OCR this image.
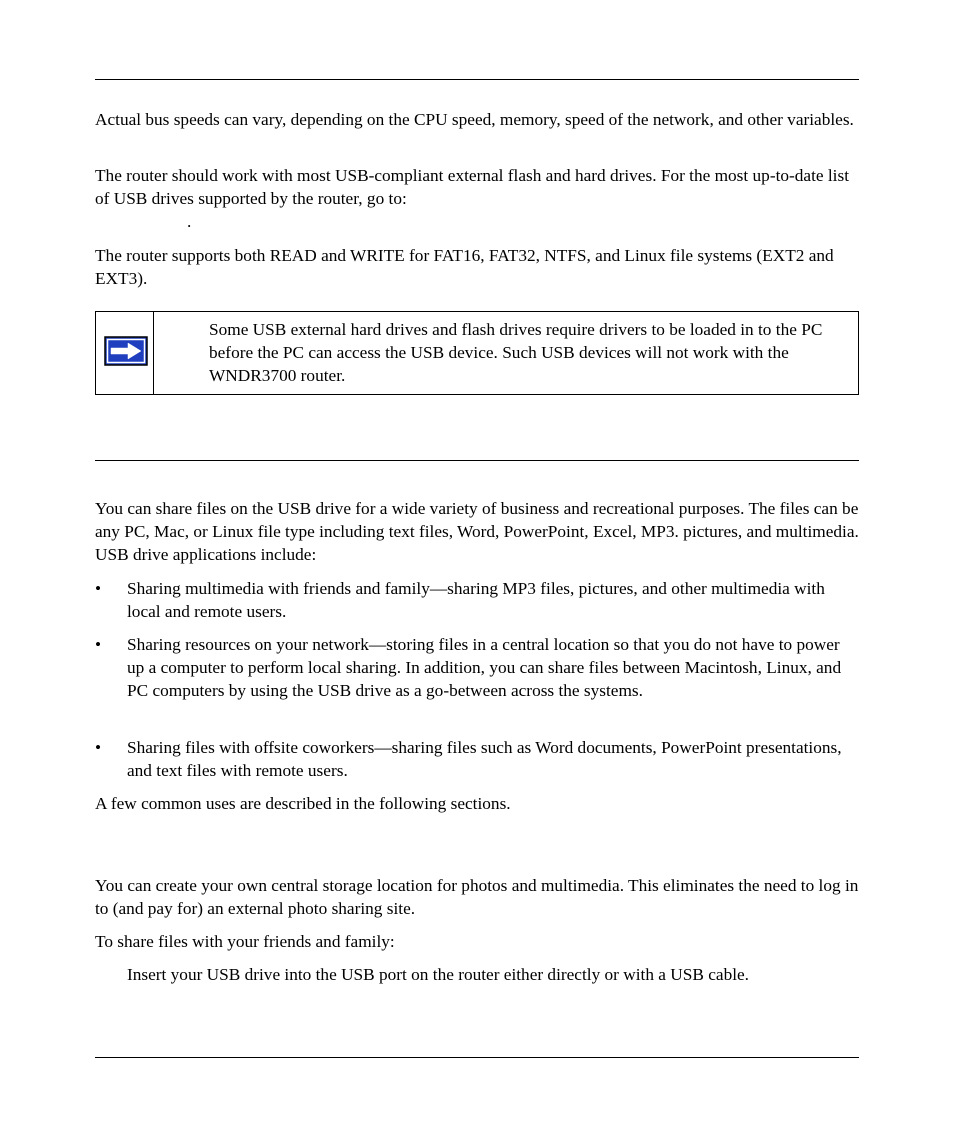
Actual bus speeds can vary, depending on the CPU speed, memory, speed of the network, and other variables.

The router should work with most USB-compliant external flash and hard drives. For the most up-to-date list of USB drives supported by the router, go to:

.

The router supports both READ and WRITE for FAT16, FAT32, NTFS, and Linux file systems (EXT2 and EXT3).

Some USB external hard drives and flash drives require drivers to be loaded in to the PC before the PC can access the USB device. Such USB devices will not work with the WNDR3700 router.

You can share files on the USB drive for a wide variety of business and recreational purposes. The files can be any PC, Mac, or Linux file type including text files, Word, PowerPoint, Excel, MP3. pictures, and multimedia. USB drive applications include:

•	Sharing multimedia with friends and family—sharing MP3 files, pictures, and other multimedia with local and remote users.
•	Sharing resources on your network—storing files in a central location so that you do not have to power up a computer to perform local sharing. In addition, you can share files between Macintosh, Linux, and PC computers by using the USB drive as a go-between across the systems.
•	Sharing files with offsite coworkers—sharing files such as Word documents, PowerPoint presentations, and text files with remote users.

A few common uses are described in the following sections.

You can create your own central storage location for photos and multimedia. This eliminates the need to log in to (and pay for) an external photo sharing site.

To share files with your friends and family:

Insert your USB drive into the USB port on the router either directly or with a USB cable.
